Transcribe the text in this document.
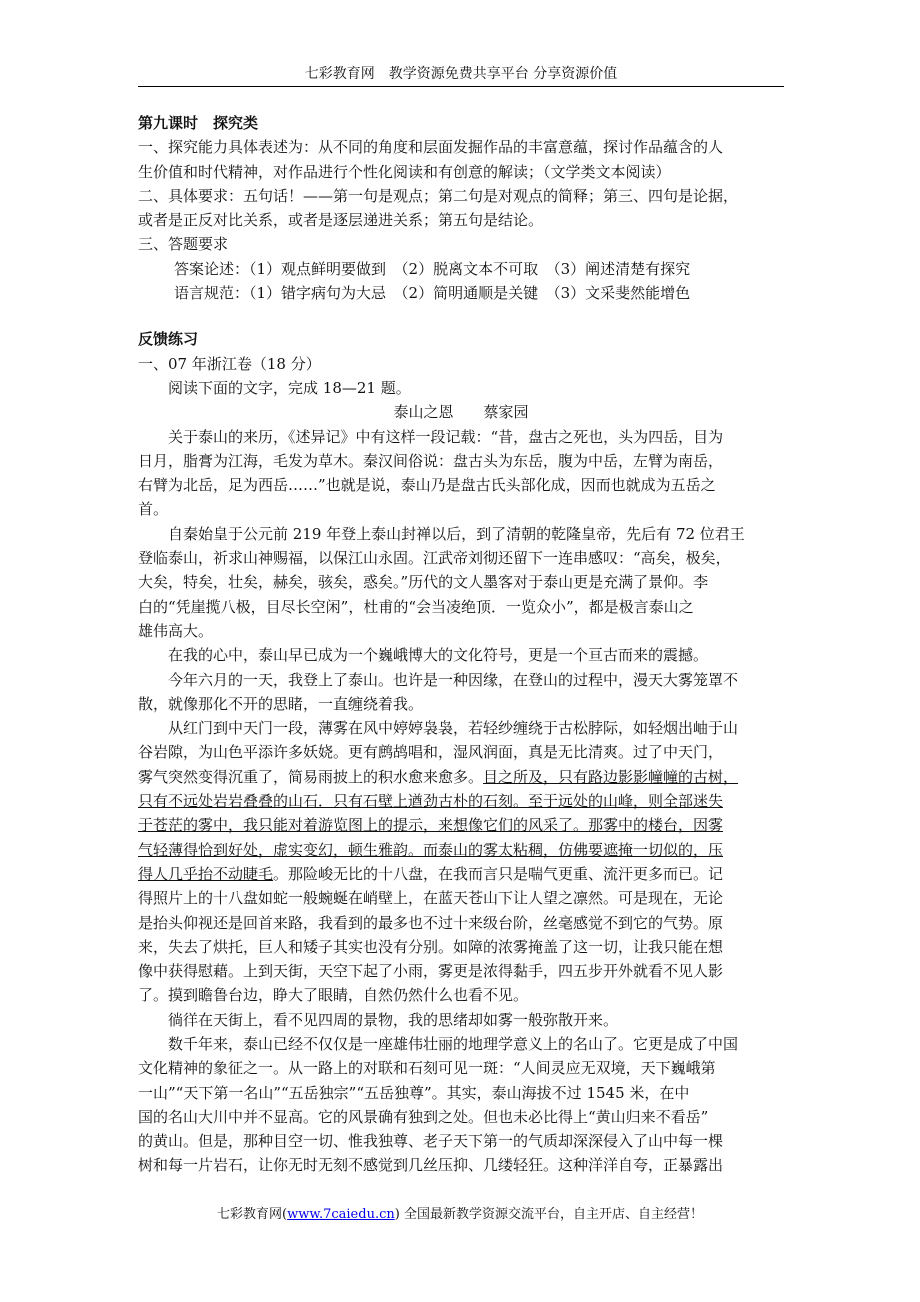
七彩教育网　教学资源免费共享平台 分享资源价值
第九课时　探究类
一、探究能力具体表述为：从不同的角度和层面发掘作品的丰富意蕴，探讨作品蕴含的人
生价值和时代精神，对作品进行个性化阅读和有创意的解读；（文学类文本阅读）
二、具体要求：五句话！——第一句是观点；第二句是对观点的简释；第三、四句是论据，
或者是正反对比关系，或者是逐层递进关系；第五句是结论。
三、答题要求
答案论述：（1）观点鲜明要做到　（2）脱离文本不可取　（3）阐述清楚有探究
语言规范：（1）错字病句为大忌　（2）简明通顺是关键　（3）文采斐然能增色
反馈练习
一、07 年浙江卷（18 分）
阅读下面的文字，完成 18—21 题。
泰山之恩　　蔡家园
关于泰山的来历，《述异记》中有这样一段记载：“昔，盘古之死也，头为四岳，目为
日月，脂膏为江海，毛发为草木。秦汉间俗说：盘古头为东岳，腹为中岳，左臂为南岳，
右臂为北岳，足为西岳……”也就是说，泰山乃是盘古氏头部化成，因而也就成为五岳之
首。
自秦始皇于公元前 219 年登上泰山封禅以后，到了清朝的乾隆皇帝，先后有 72 位君王
登临泰山，祈求山神赐福，以保江山永固。江武帝刘彻还留下一连串感叹：“高矣，极矣，
大矣，特矣，壮矣，赫矣，骇矣，惑矣。”历代的文人墨客对于泰山更是充满了景仰。李
白的“凭崖揽八极，目尽长空闲”，杜甫的“会当凌绝顶．一览众小”，都是极言泰山之
雄伟高大。
在我的心中，泰山早已成为一个巍峨博大的文化符号，更是一个亘古而来的震撼。
今年六月的一天，我登上了泰山。也许是一种因缘，在登山的过程中，漫天大雾笼罩不
散，就像那化不开的思睹，一直缠绕着我。
从红门到中天门一段，薄雾在风中婷婷袅袅，若轻纱缠绕于古松脖际，如轻烟出岫于山
谷岩隙，为山色平添许多妖娆。更有鹧鸪唱和，湿风润面，真是无比清爽。过了中天门，
雾气突然变得沉重了，简易雨披上的积水愈来愈多。目之所及，只有路边影影幢幢的古树，
只有不远处岩岩叠叠的山石．只有石壁上遒劲古朴的石刻。至于远处的山峰，则全部迷失
于苍茫的雾中，我只能对着游览图上的提示，来想像它们的风采了。那雾中的楼台，因雾
气轻薄得恰到好处，虚实变幻，顿生雅韵。而泰山的雾太粘稠，仿佛要遮掩一切似的，压
得人几乎抬不动睫毛。那险峻无比的十八盘，在我而言只是喘气更重、流汗更多而已。记
得照片上的十八盘如蛇一般蜿蜒在峭壁上，在蓝天苍山下让人望之凛然。可是现在，无论
是抬头仰视还是回首来路，我看到的最多也不过十来级台阶，丝毫感觉不到它的气势。原
来，失去了烘托，巨人和矮子其实也没有分别。如障的浓雾掩盖了这一切，让我只能在想
像中获得慰藉。上到天街，天空下起了小雨，雾更是浓得黏手，四五步开外就看不见人影
了。摸到瞻鲁台边，睁大了眼睛，自然仍然什么也看不见。
徜徉在天街上，看不见四周的景物，我的思绪却如雾一般弥散开来。
数千年来，泰山已经不仅仅是一座雄伟壮丽的地理学意义上的名山了。它更是成了中国
文化精神的象征之一。从一路上的对联和石刻可见一斑：“人间灵应无双境，天下巍峨第
一山”“天下第一名山”“五岳独宗”“五岳独尊”。其实，泰山海拔不过 1545 米，在中
国的名山大川中并不显高。它的风景确有独到之处。但也未必比得上“黄山归来不看岳”
的黄山。但是，那种目空一切、惟我独尊、老子天下第一的气质却深深侵入了山中每一棵
树和每一片岩石，让你无时无刻不感觉到几丝压抑、几缕轻狂。这种洋洋自夸，正暴露出
七彩教育网(www.7caiedu.cn) 全国最新教学资源交流平台，自主开店、自主经营！
